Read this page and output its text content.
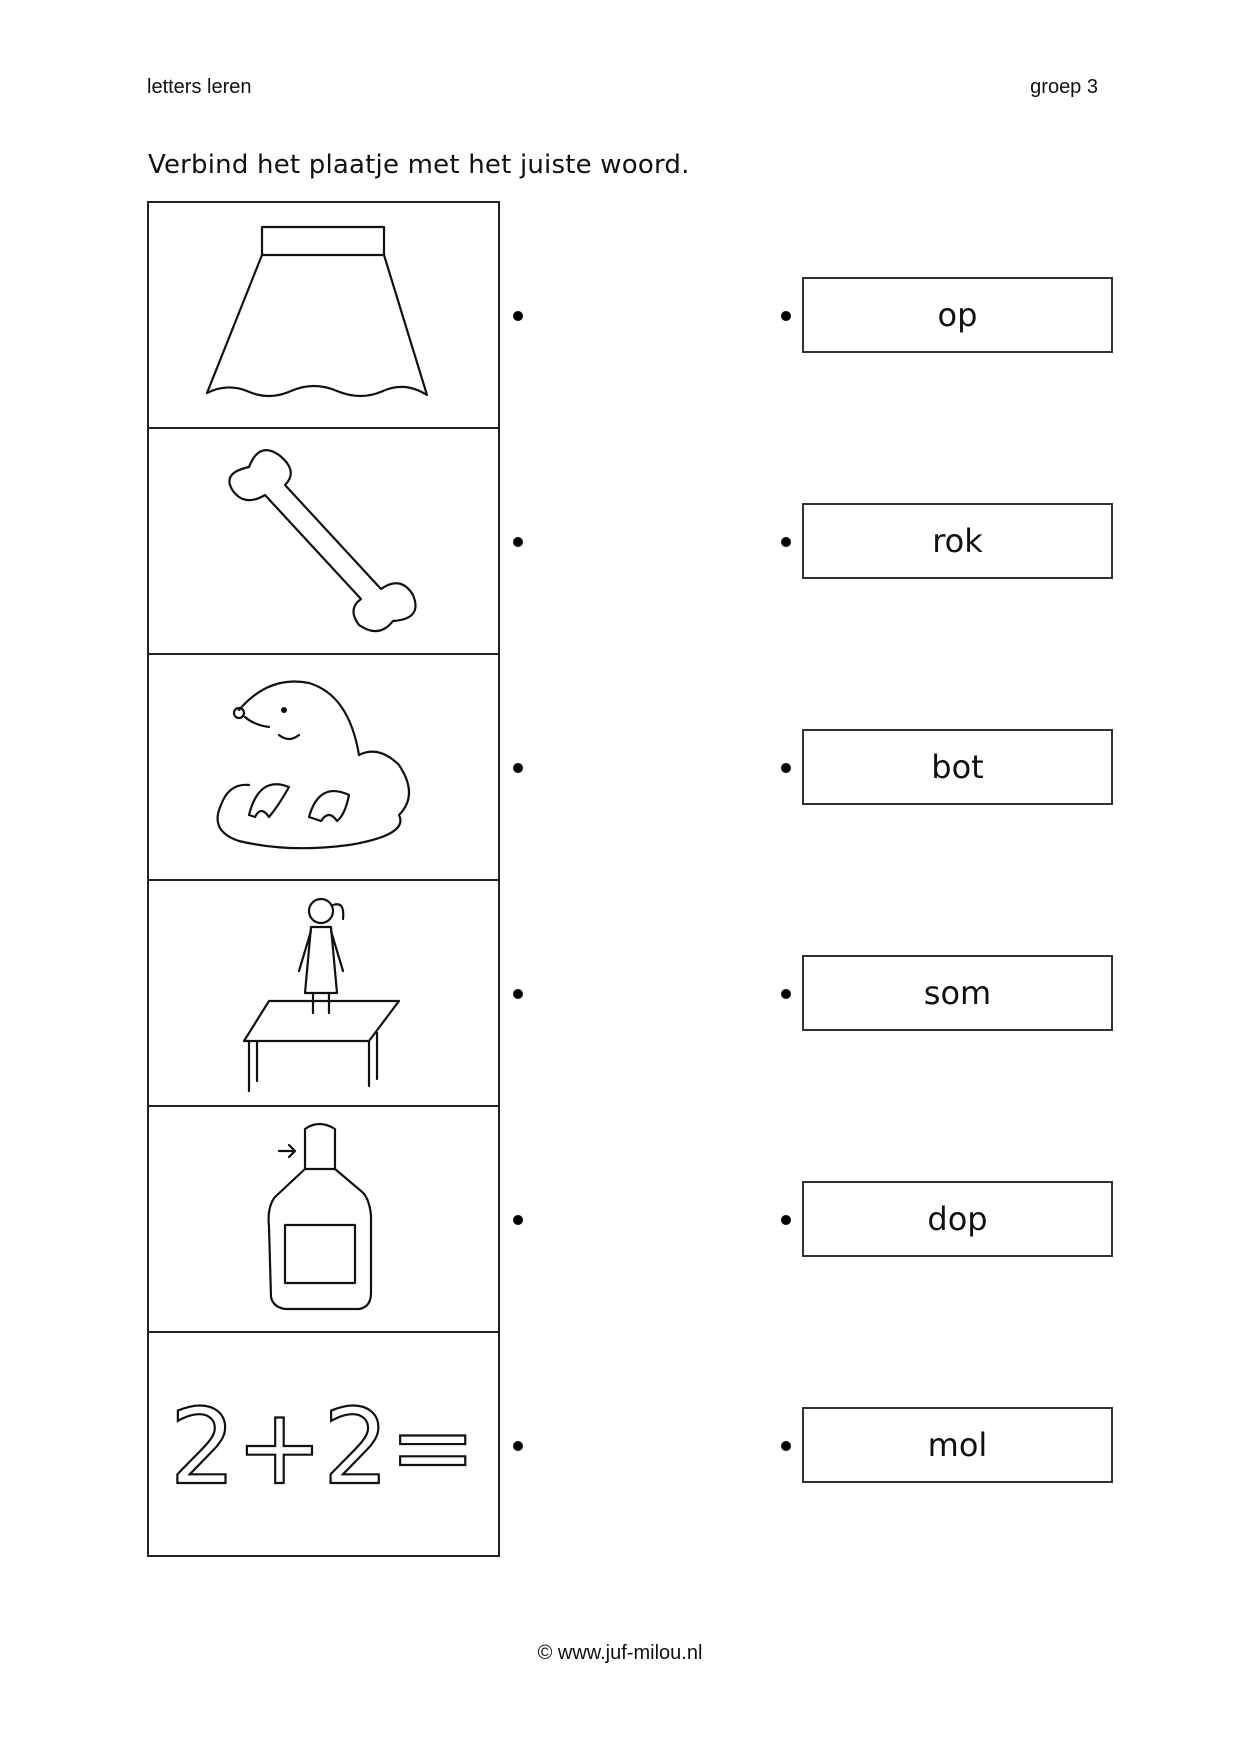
letters leren	groep 3
Verbind het plaatje met het juiste woord.
2+2=
op
rok
bot
som
dop
mol
© www.juf-milou.nl
